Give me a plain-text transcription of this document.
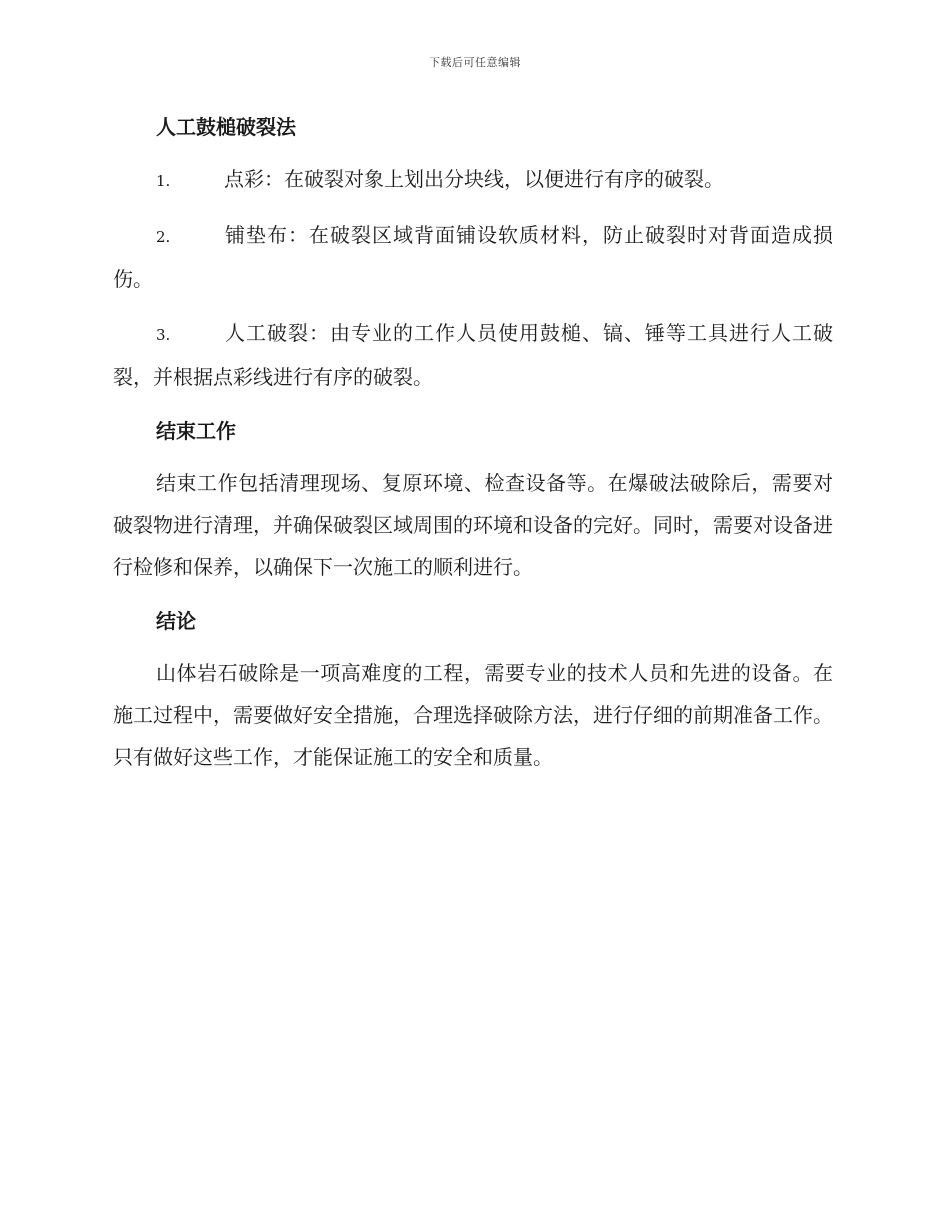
下载后可任意编辑
人工鼓槌破裂法

1.	点彩：在破裂对象上划出分块线，以便进行有序的破裂。

2.	铺垫布：在破裂区域背面铺设软质材料，防止破裂时对背面造成损伤。

3.	人工破裂：由专业的工作人员使用鼓槌、镐、锤等工具进行人工破裂，并根据点彩线进行有序的破裂。

结束工作

结束工作包括清理现场、复原环境、检查设备等。在爆破法破除后，需要对破裂物进行清理，并确保破裂区域周围的环境和设备的完好。同时，需要对设备进行检修和保养，以确保下一次施工的顺利进行。

结论

山体岩石破除是一项高难度的工程，需要专业的技术人员和先进的设备。在施工过程中，需要做好安全措施，合理选择破除方法，进行仔细的前期准备工作。只有做好这些工作，才能保证施工的安全和质量。
